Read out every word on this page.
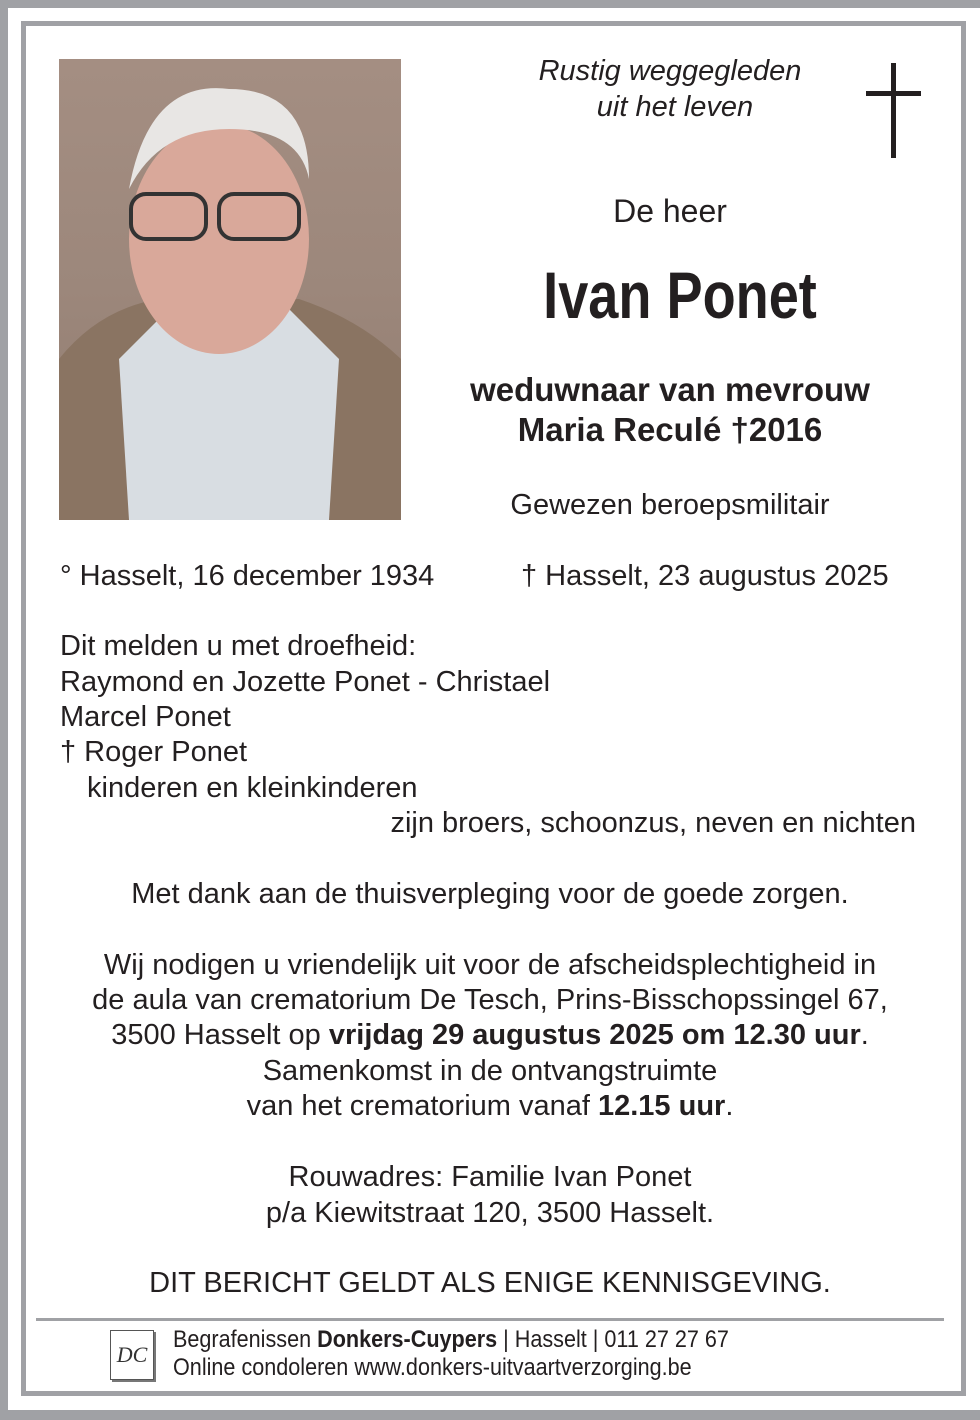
Rustig weggegleden
uit het leven
De heer
Ivan Ponet
weduwnaar van mevrouw
Maria Reculé †2016
Gewezen beroepsmilitair
° Hasselt, 16 december 1934	† Hasselt, 23 augustus 2025
Dit melden u met droefheid:
Raymond en Jozette Ponet - Christael
Marcel Ponet
† Roger Ponet
kinderen en kleinkinderen
zijn broers, schoonzus, neven en nichten
Met dank aan de thuisverpleging voor de goede zorgen.
Wij nodigen u vriendelijk uit voor de afscheidsplechtigheid in
de aula van crematorium De Tesch, Prins-Bisschopssingel 67,
3500 Hasselt op vrijdag 29 augustus 2025 om 12.30 uur.
Samenkomst in de ontvangstruimte
van het crematorium vanaf 12.15 uur.
Rouwadres: Familie Ivan Ponet
p/a Kiewitstraat 120, 3500 Hasselt.
DIT BERICHT GELDT ALS ENIGE KENNISGEVING.
DC
Begrafenissen Donkers-Cuypers | Hasselt | 011 27 27 67
Online condoleren www.donkers-uitvaartverzorging.be
